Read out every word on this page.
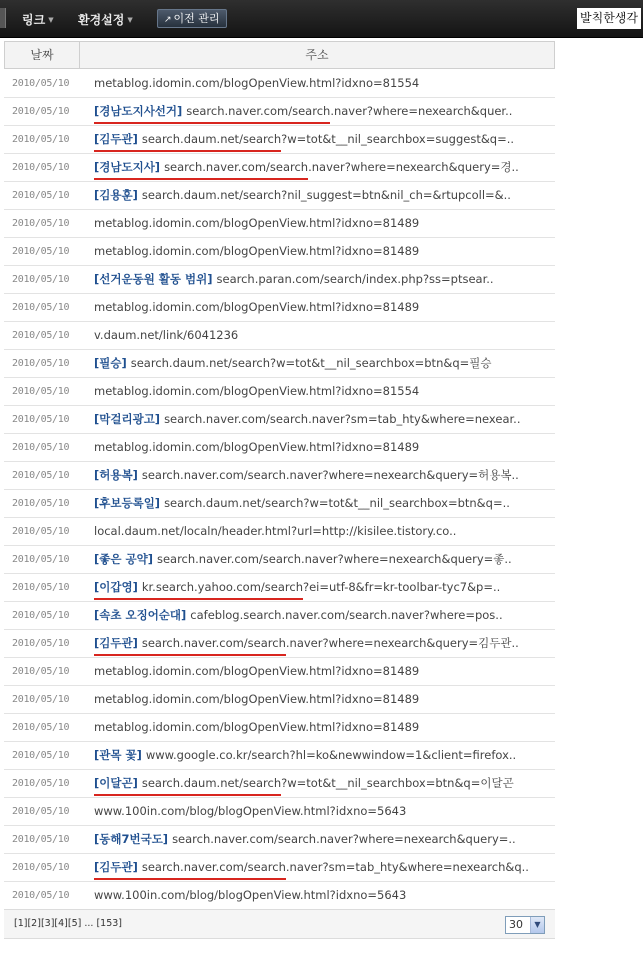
링크 ▼ 환경설정 ▼	↗ 이전 관리	발칙한생각
날짜	주소
2010/05/10 metablog.idomin.com/blogOpenView.html?idxno=81554
2010/05/10 [경남도지사선거] search.naver.com/search.naver?where=nexearch&quer..
2010/05/10 [김두관] search.daum.net/search?w=tot&t__nil_searchbox=suggest&q=..
2010/05/10 [경남도지사] search.naver.com/search.naver?where=nexearch&query=경..
2010/05/10 [김용훈] search.daum.net/search?nil_suggest=btn&nil_ch=&rtupcoll=&..
2010/05/10 metablog.idomin.com/blogOpenView.html?idxno=81489
2010/05/10 metablog.idomin.com/blogOpenView.html?idxno=81489
2010/05/10 [선거운동원 활동 범위] search.paran.com/search/index.php?ss=ptsear..
2010/05/10 metablog.idomin.com/blogOpenView.html?idxno=81489
2010/05/10 v.daum.net/link/6041236
2010/05/10 [필승] search.daum.net/search?w=tot&t__nil_searchbox=btn&q=필승
2010/05/10 metablog.idomin.com/blogOpenView.html?idxno=81554
2010/05/10 [막걸리광고] search.naver.com/search.naver?sm=tab_hty&where=nexear..
2010/05/10 metablog.idomin.com/blogOpenView.html?idxno=81489
2010/05/10 [허용복] search.naver.com/search.naver?where=nexearch&query=허용복..
2010/05/10 [후보등록일] search.daum.net/search?w=tot&t__nil_searchbox=btn&q=..
2010/05/10 local.daum.net/localn/header.html?url=http://kisilee.tistory.co..
2010/05/10 [좋은 공약] search.naver.com/search.naver?where=nexearch&query=좋..
2010/05/10 [이갑영] kr.search.yahoo.com/search?ei=utf-8&fr=kr-toolbar-tyc7&p=..
2010/05/10 [속초 오징어순대] cafeblog.search.naver.com/search.naver?where=pos..
2010/05/10 [김두관] search.naver.com/search.naver?where=nexearch&query=김두관..
2010/05/10 metablog.idomin.com/blogOpenView.html?idxno=81489
2010/05/10 metablog.idomin.com/blogOpenView.html?idxno=81489
2010/05/10 metablog.idomin.com/blogOpenView.html?idxno=81489
2010/05/10 [관목 꽃] www.google.co.kr/search?hl=ko&newwindow=1&client=firefox..
2010/05/10 [이달곤] search.daum.net/search?w=tot&t__nil_searchbox=btn&q=이달곤
2010/05/10 www.100in.com/blog/blogOpenView.html?idxno=5643
2010/05/10 [동해7번국도] search.naver.com/search.naver?where=nexearch&query=..
2010/05/10 [김두관] search.naver.com/search.naver?sm=tab_hty&where=nexearch&q..
2010/05/10 www.100in.com/blog/blogOpenView.html?idxno=5643
[1][2][3][4][5] ... [153]	30	▼
